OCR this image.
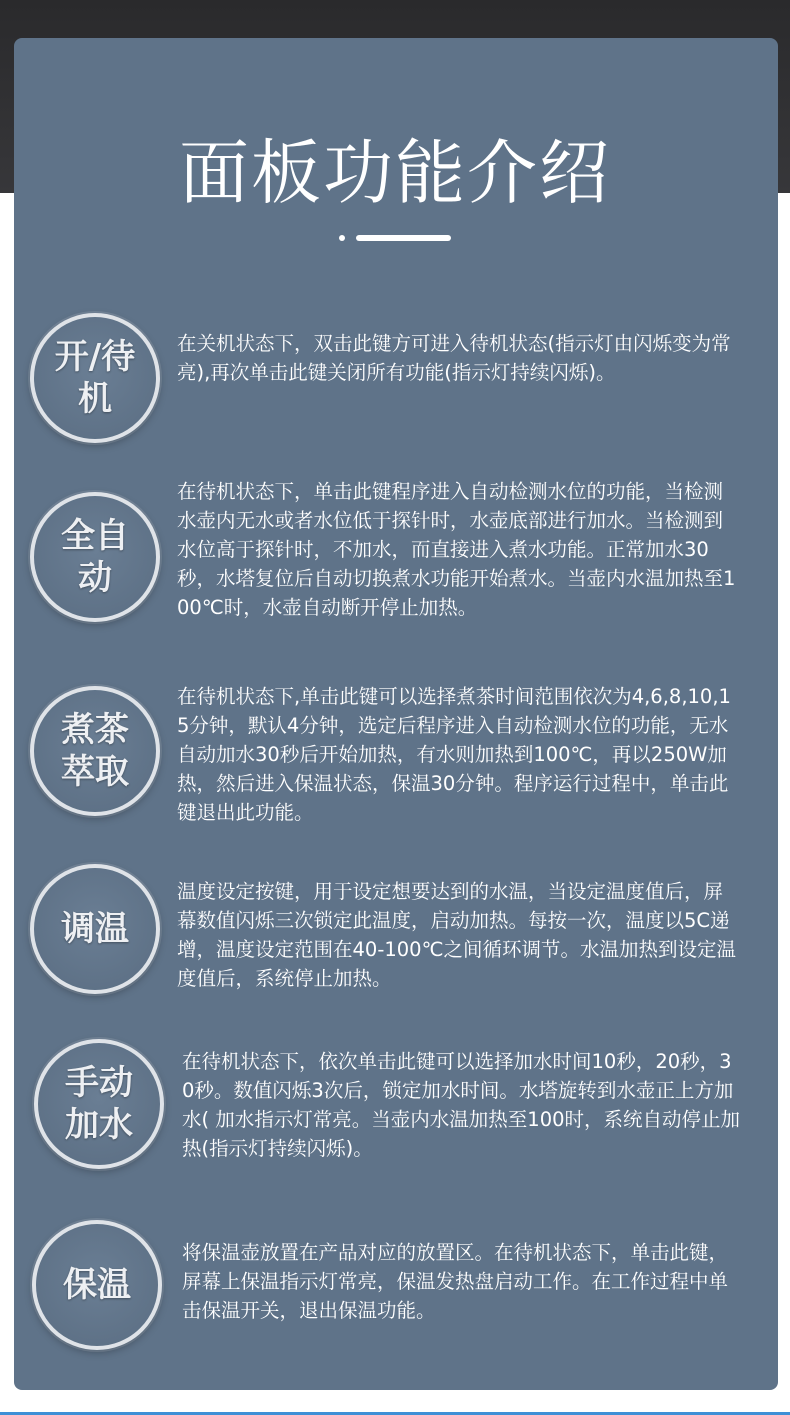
面板功能介绍
开/待机

在关机状态下，双击此键方可进入待机状态(指示灯由闪烁变为常亮),再次单击此键关闭所有功能(指示灯持续闪烁)。

全自动

在待机状态下，单击此键程序进入自动检测水位的功能，当检测水壶内无水或者水位低于探针时，水壶底部进行加水。当检测到水位高于探针时，不加水，而直接进入煮水功能。正常加水30秒，水塔复位后自动切换煮水功能开始煮水。当壶内水温加热至100℃时，水壶自动断开停止加热。

煮茶萃取

在待机状态下,单击此键可以选择煮茶时间范围依次为4,6,8,10,15分钟，默认4分钟，选定后程序进入自动检测水位的功能，无水自动加水30秒后开始加热，有水则加热到100℃，再以250W加热，然后进入保温状态，保温30分钟。程序运行过程中，单击此键退出此功能。

调温

温度设定按键，用于设定想要达到的水温，当设定温度值后，屏幕数值闪烁三次锁定此温度，启动加热。每按一次，温度以5C递增，温度设定范围在40-100℃之间循环调节。水温加热到设定温度值后，系统停止加热。

手动加水

在待机状态下，依次单击此键可以选择加水时间10秒，20秒，30秒。数值闪烁3次后，锁定加水时间。水塔旋转到水壶正上方加水( 加水指示灯常亮。当壶内水温加热至100时，系统自动停止加热(指示灯持续闪烁)。

保温

将保温壶放置在产品对应的放置区。在待机状态下，单击此键，屏幕上保温指示灯常亮，保温发热盘启动工作。在工作过程中单击保温开关，退出保温功能。
